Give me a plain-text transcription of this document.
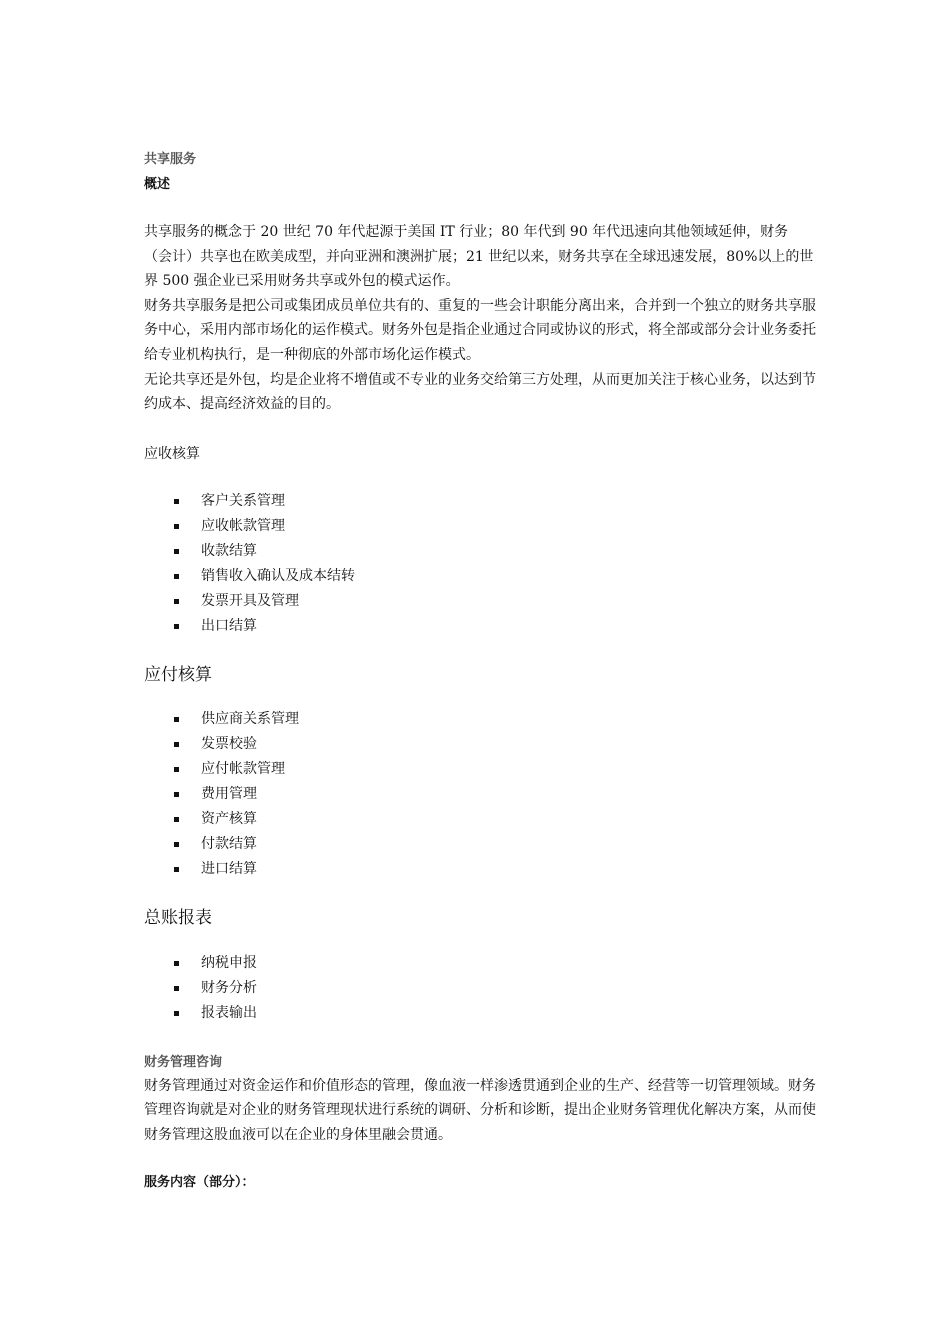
共享服务
概述

共享服务的概念于 20 世纪 70 年代起源于美国 IT 行业；80 年代到 90 年代迅速向其他领域延伸，财务（会计）共享也在欧美成型，并向亚洲和澳洲扩展；21 世纪以来，财务共享在全球迅速发展，80%以上的世界 500 强企业已采用财务共享或外包的模式运作。

财务共享服务是把公司或集团成员单位共有的、重复的一些会计职能分离出来，合并到一个独立的财务共享服务中心，采用内部市场化的运作模式。财务外包是指企业通过合同或协议的形式，将全部或部分会计业务委托给专业机构执行，是一种彻底的外部市场化运作模式。

无论共享还是外包，均是企业将不增值或不专业的业务交给第三方处理，从而更加关注于核心业务，以达到节约成本、提高经济效益的目的。

应收核算
客户关系管理
应收帐款管理
收款结算
销售收入确认及成本结转
发票开具及管理
出口结算
应付核算
供应商关系管理
发票校验
应付帐款管理
费用管理
资产核算
付款结算
进口结算
总账报表
纳税申报
财务分析
报表输出
财务管理咨询

财务管理通过对资金运作和价值形态的管理，像血液一样渗透贯通到企业的生产、经营等一切管理领域。财务管理咨询就是对企业的财务管理现状进行系统的调研、分析和诊断，提出企业财务管理优化解决方案，从而使财务管理这股血液可以在企业的身体里融会贯通。

服务内容（部分）：
